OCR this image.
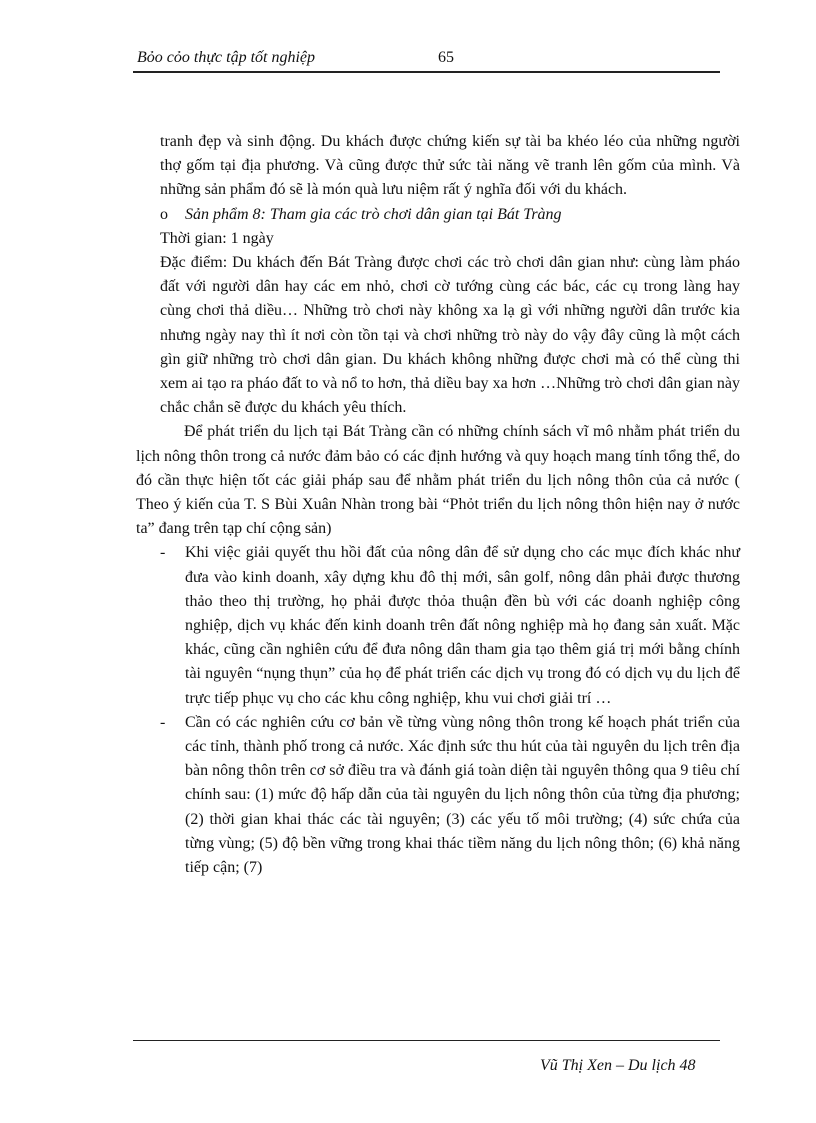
Bỏo cỏo thực tập tốt nghiệp	65

tranh đẹp và sinh động. Du khách được chứng kiến sự tài ba khéo léo của những người thợ gốm tại địa phương. Và cũng được thử sức tài năng vẽ tranh lên gốm của mình. Và những sản phẩm đó sẽ là món quà lưu niệm rất ý nghĩa đối với du khách.

o Sản phẩm 8: Tham gia các trò chơi dân gian tại Bát Tràng

Thời gian: 1 ngày

Đặc điểm: Du khách đến Bát Tràng được chơi các trò chơi dân gian như: cùng làm pháo đất với người dân hay các em nhỏ, chơi cờ tướng cùng các bác, các cụ trong làng hay cùng chơi thả diều… Những trò chơi này không xa lạ gì với những người dân trước kia nhưng ngày nay thì ít nơi còn tồn tại và chơi những trò này do vậy đây cũng là một cách gìn giữ những trò chơi dân gian. Du khách không những được chơi mà có thể cùng thi xem ai tạo ra pháo đất to và nổ to hơn, thả diều bay xa hơn …Những trò chơi dân gian này chắc chắn sẽ được du khách yêu thích.

Để phát triển du lịch tại Bát Tràng cần có những chính sách vĩ mô nhằm phát triển du lịch nông thôn trong cả nước đảm bảo có các định hướng và quy hoạch mang tính tổng thể, do đó cần thực hiện tốt các giải pháp sau để nhằm phát triển du lịch nông thôn của cả nước ( Theo ý kiến của T. S Bùi Xuân Nhàn trong bài “Phỏt triển du lịch nông thôn hiện nay ở nước ta” đang trên tạp chí cộng sản)

- Khi việc giải quyết thu hồi đất của nông dân để sử dụng cho các mục đích khác như đưa vào kinh doanh, xây dựng khu đô thị mới, sân golf, nông dân phải được thương thảo theo thị trường, họ phải được thỏa thuận đền bù với các doanh nghiệp công nghiệp, dịch vụ khác đến kinh doanh trên đất nông nghiệp mà họ đang sản xuất. Mặc khác, cũng cần nghiên cứu để đưa nông dân tham gia tạo thêm giá trị mới bằng chính tài nguyên “nụng thụn” của họ để phát triển các dịch vụ trong đó có dịch vụ du lịch để trực tiếp phục vụ cho các khu công nghiệp, khu vui chơi giải trí …
- Cần có các nghiên cứu cơ bản về từng vùng nông thôn trong kế hoạch phát triển của các tỉnh, thành phố trong cả nước. Xác định sức thu hút của tài nguyên du lịch trên địa bàn nông thôn trên cơ sở điều tra và đánh giá toàn diện tài nguyên thông qua 9 tiêu chí chính sau: (1) mức độ hấp dẫn của tài nguyên du lịch nông thôn của từng địa phương; (2) thời gian khai thác các tài nguyên; (3) các yếu tố môi trường; (4) sức chứa của từng vùng; (5) độ bền vững trong khai thác tiềm năng du lịch nông thôn; (6) khả năng tiếp cận; (7)
Vũ Thị Xen – Du lịch 48
